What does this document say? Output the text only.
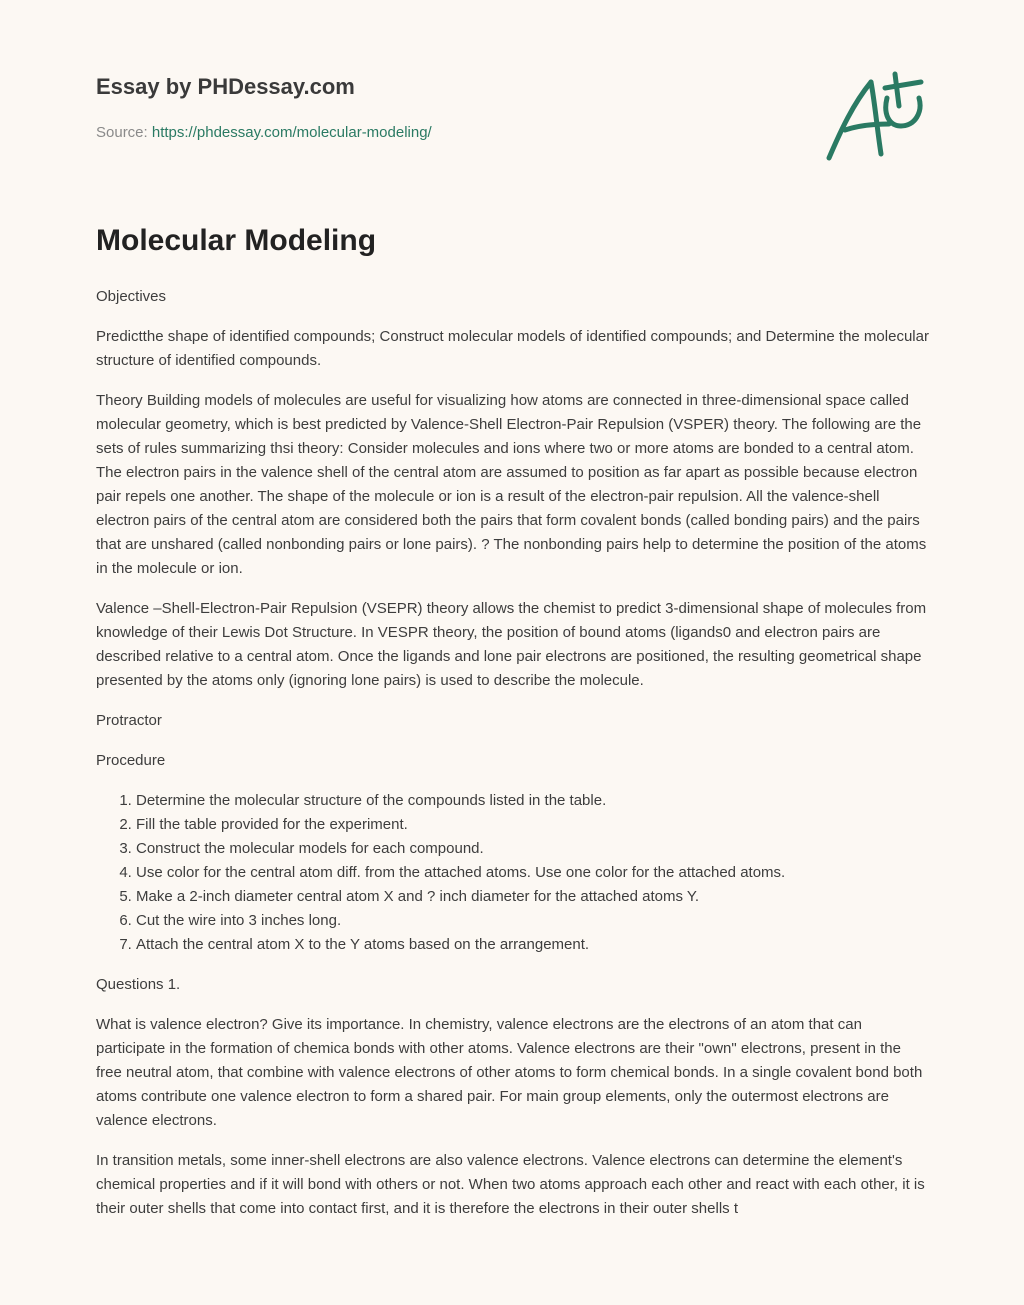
Essay by PHDessay.com
Source: https://phdessay.com/molecular-modeling/
Molecular Modeling

Objectives

Predictthe shape of identified compounds; Construct molecular models of identified compounds; and Determine the molecular structure of identified compounds.

Theory Building models of molecules are useful for visualizing how atoms are connected in three-dimensional space called molecular geometry, which is best predicted by Valence-Shell Electron-Pair Repulsion (VSPER) theory. The following are the sets of rules summarizing thsi theory: Consider molecules and ions where two or more atoms are bonded to a central atom. The electron pairs in the valence shell of the central atom are assumed to position as far apart as possible because electron pair repels one another. The shape of the molecule or ion is a result of the electron-pair repulsion. All the valence-shell electron pairs of the central atom are considered both the pairs that form covalent bonds (called bonding pairs) and the pairs that are unshared (called nonbonding pairs or lone pairs). ? The nonbonding pairs help to determine the position of the atoms in the molecule or ion.

Valence –Shell-Electron-Pair Repulsion (VSEPR) theory allows the chemist to predict 3-dimensional shape of molecules from knowledge of their Lewis Dot Structure. In VESPR theory, the position of bound atoms (ligands0 and electron pairs are described relative to a central atom. Once the ligands and lone pair electrons are positioned, the resulting geometrical shape presented by the atoms only (ignoring lone pairs) is used to describe the molecule.

Protractor

Procedure

1. Determine the molecular structure of the compounds listed in the table.
2. Fill the table provided for the experiment.
3. Construct the molecular models for each compound.
4. Use color for the central atom diff. from the attached atoms. Use one color for the attached atoms.
5. Make a 2-inch diameter central atom X and ? inch diameter for the attached atoms Y.
6. Cut the wire into 3 inches long.
7. Attach the central atom X to the Y atoms based on the arrangement.

Questions 1.

What is valence electron? Give its importance. In chemistry, valence electrons are the electrons of an atom that can participate in the formation of chemica bonds with other atoms. Valence electrons are their "own" electrons, present in the free neutral atom, that combine with valence electrons of other atoms to form chemical bonds. In a single covalent bond both atoms contribute one valence electron to form a shared pair. For main group elements, only the outermost electrons are valence electrons.

In transition metals, some inner-shell electrons are also valence electrons. Valence electrons can determine the element's chemical properties and if it will bond with others or not. When two atoms approach each other and react with each other, it is their outer shells that come into contact first, and it is therefore the electrons in their outer shells t
